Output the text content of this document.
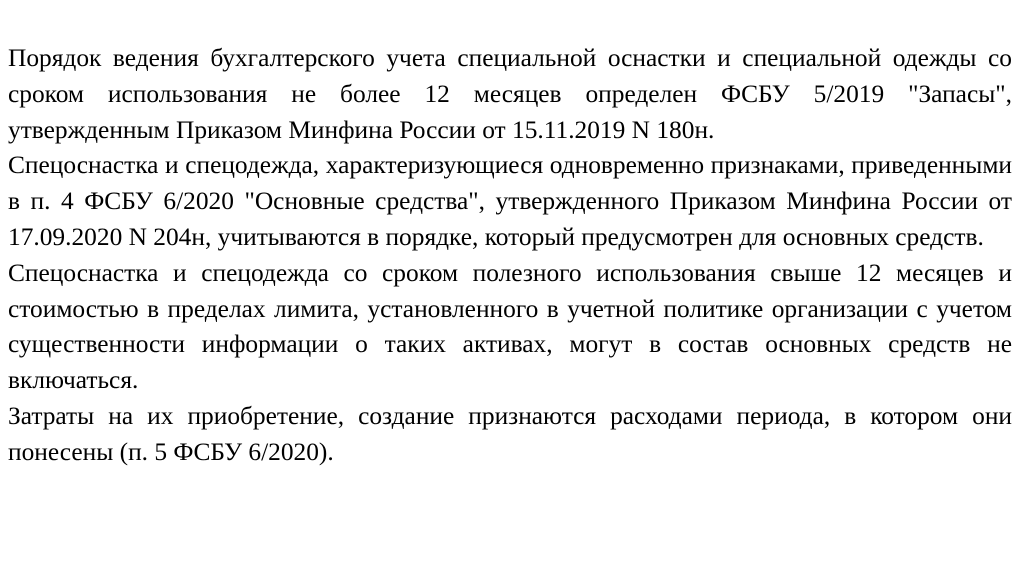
Порядок ведения бухгалтерского учета специальной оснастки и специальной одежды со сроком использования не более 12 месяцев определен ФСБУ 5/2019 "Запасы", утвержденным Приказом Минфина России от 15.11.2019 N 180н.

Спецоснастка и спецодежда, характеризующиеся одновременно признаками, приведенными в п. 4 ФСБУ 6/2020 "Основные средства", утвержденного Приказом Минфина России от 17.09.2020 N 204н, учитываются в порядке, который предусмотрен для основных средств.

Спецоснастка и спецодежда со сроком полезного использования свыше 12 месяцев и стоимостью в пределах лимита, установленного в учетной политике организации с учетом существенности информации о таких активах, могут в состав основных средств не включаться.

Затраты на их приобретение, создание признаются расходами периода, в котором они понесены (п. 5 ФСБУ 6/2020).
